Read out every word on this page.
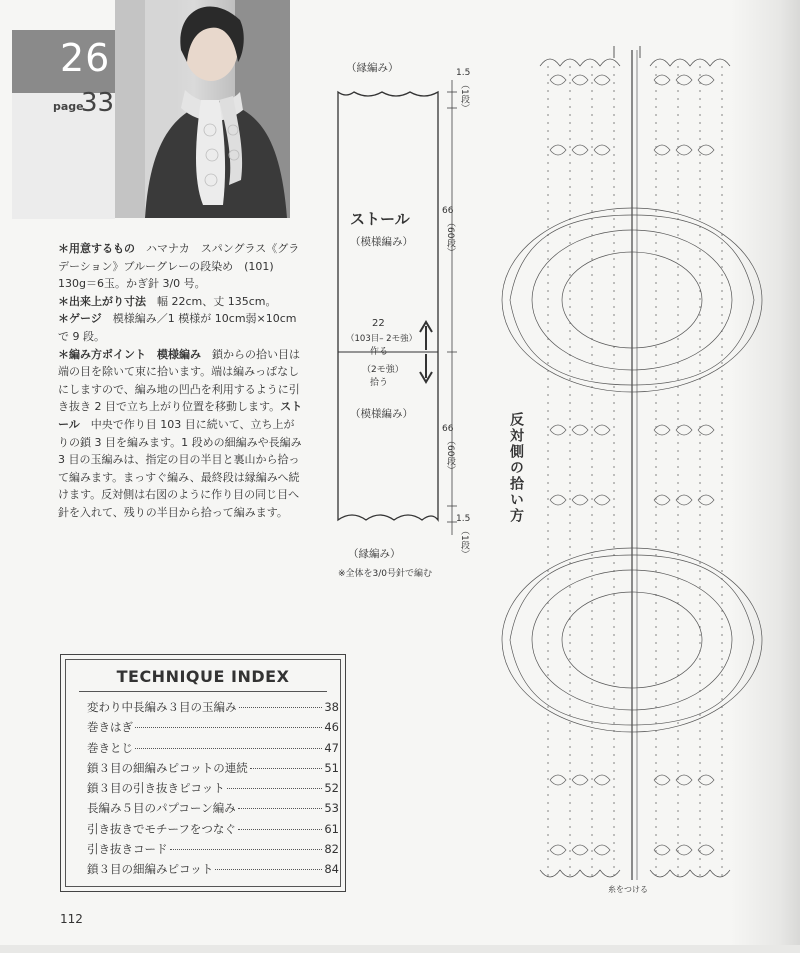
26
page
33

＊用意するもの　 ハマナカ　スパングラス《グラデーション》ブルーグレーの段染め　(101) 130g＝6玉。かぎ針 3/0 号。

＊出来上がり寸法　 幅 22cm、丈 135cm。

＊ゲージ　 模様編み／1 模様が 10cm弱×10cm で 9 段。

＊編み方ポイント　模様編み　 鎖からの拾い目は端の目を除いて束に拾います。端は編みっぱなしにしますので、編み地の凹凸を利用するように引き抜き 2 目で立ち上がり位置を移動します。ストール　 中央で作り目 103 目に続いて、立ち上がりの鎖 3 目を編みます。1 段めの細編みや長編み 3 目の玉編みは、指定の目の半目と裏山から拾って編みます。まっすぐ編み、最終段は縁編みへ続けます。反対側は右図のように作り目の同じ目へ針を入れて、残りの半目から拾って編みます。

（縁編み）
（縁編み）
ストール
（模様編み）
（模様編み）
22
（103目– 2モ強）
作る
（2モ強）
拾う
1.5
（1段）
66
（60段）
66
（60段）
1.5
（1段）
※全体を3/0号針で編む
反対側の拾い方
糸をつける
TECHNIQUE INDEX
変わり中長編み３目の玉編み	38
巻きはぎ	46
巻きとじ	47
鎖３目の細編みピコットの連続	51
鎖３目の引き抜きピコット	52
長編み５目のパプコーン編み	53
引き抜きでモチーフをつなぐ	61
引き抜きコード	82
鎖３目の細編みピコット	84
112
